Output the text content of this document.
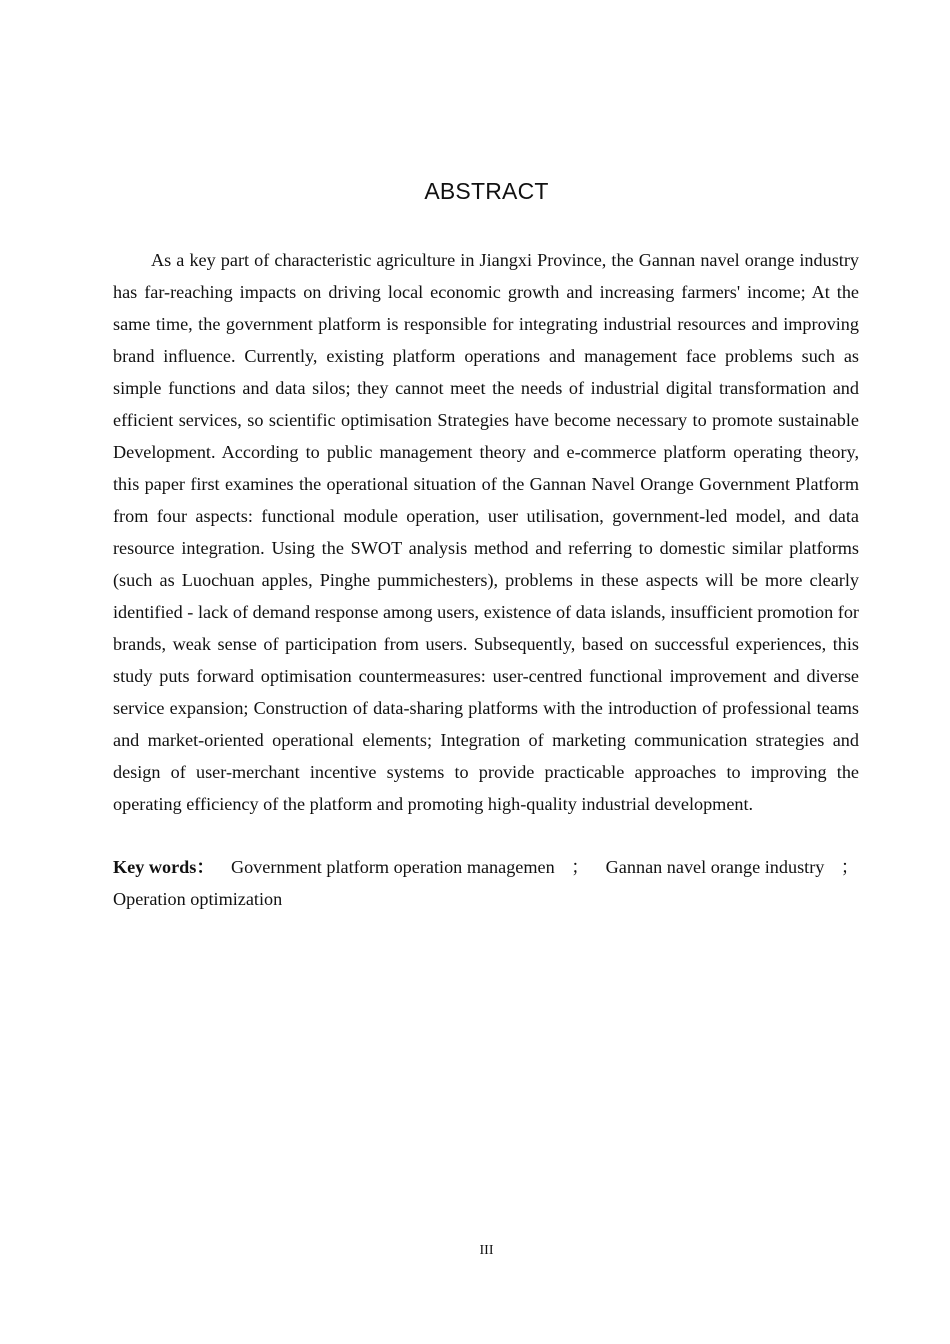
ABSTRACT

As a key part of characteristic agriculture in Jiangxi Province, the Gannan navel orange industry has far-reaching impacts on driving local economic growth and increasing farmers' income; At the same time, the government platform is responsible for integrating industrial resources and improving brand influence. Currently, existing platform operations and management face problems such as simple functions and data silos; they cannot meet the needs of industrial digital transformation and efficient services, so scientific optimisation Strategies have become necessary to promote sustainable Development. According to public management theory and e-commerce platform operating theory, this paper first examines the operational situation of the Gannan Navel Orange Government Platform from four aspects: functional module operation, user utilisation, government-led model, and data resource integration. Using the SWOT analysis method and referring to domestic similar platforms (such as Luochuan apples, Pinghe pummichesters), problems in these aspects will be more clearly identified - lack of demand response among users, existence of data islands, insufficient promotion for brands, weak sense of participation from users. Subsequently, based on successful experiences, this study puts forward optimisation countermeasures: user-centred functional improvement and diverse service expansion; Construction of data-sharing platforms with the introduction of professional teams and market-oriented operational elements; Integration of marketing communication strategies and design of user-merchant incentive systems to provide practicable approaches to improving the operating efficiency of the platform and promoting high-quality industrial development.

Key words： Government platform operation managemen ； Gannan navel orange industry ；
Operation optimization
III
